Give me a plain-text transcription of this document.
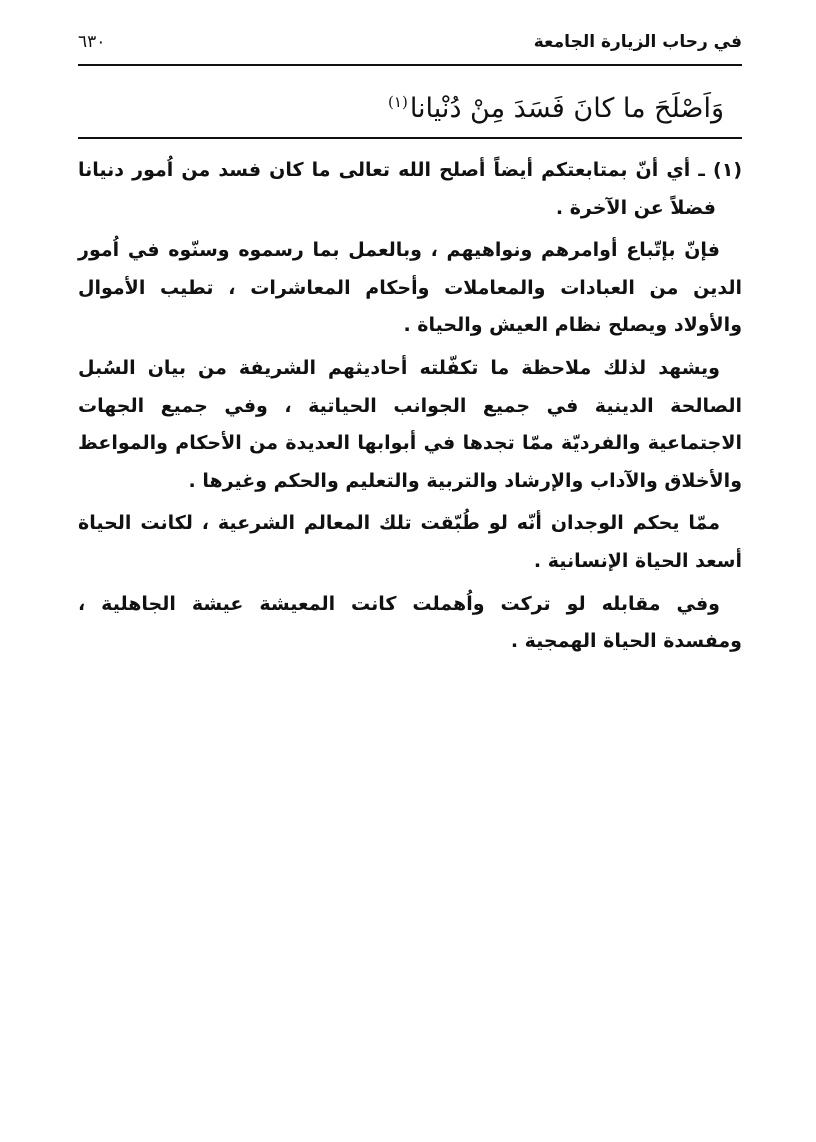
في رحاب الزيارة الجامعة
٦٣٠
وَاَصْلَحَ ما كانَ فَسَدَ مِنْ دُنْيانا$^{(١)}$

(١) ـ أي أنّ بمتابعتكم أيضاً أصلح الله تعالى ما كان فسد من اُمور دنيانا فضلاً عن الآخرة .

فإنّ بإتّباع أوامرهم ونواهيهم ، وبالعمل بما رسموه وسنّوه في اُمور الدين من العبادات والمعاملات وأحكام المعاشرات ، تطيب الأموال والأولاد ويصلح نظام العيش والحياة .

ويشهد لذلك ملاحظة ما تكفّلته أحاديثهم الشريفة من بيان السُبل الصالحة الدينية في جميع الجوانب الحياتية ، وفي جميع الجهات الاجتماعية والفرديّة ممّا تجدها في أبوابها العديدة من الأحكام والمواعظ والأخلاق والآداب والإرشاد والتربية والتعليم والحكم وغيرها .

ممّا يحكم الوجدان أنّه لو طُبّقت تلك المعالم الشرعية ، لكانت الحياة أسعد الحياة الإنسانية .

وفي مقابله لو تركت واُهملت كانت المعيشة عيشة الجاهلية ، ومفسدة الحياة الهمجية .
